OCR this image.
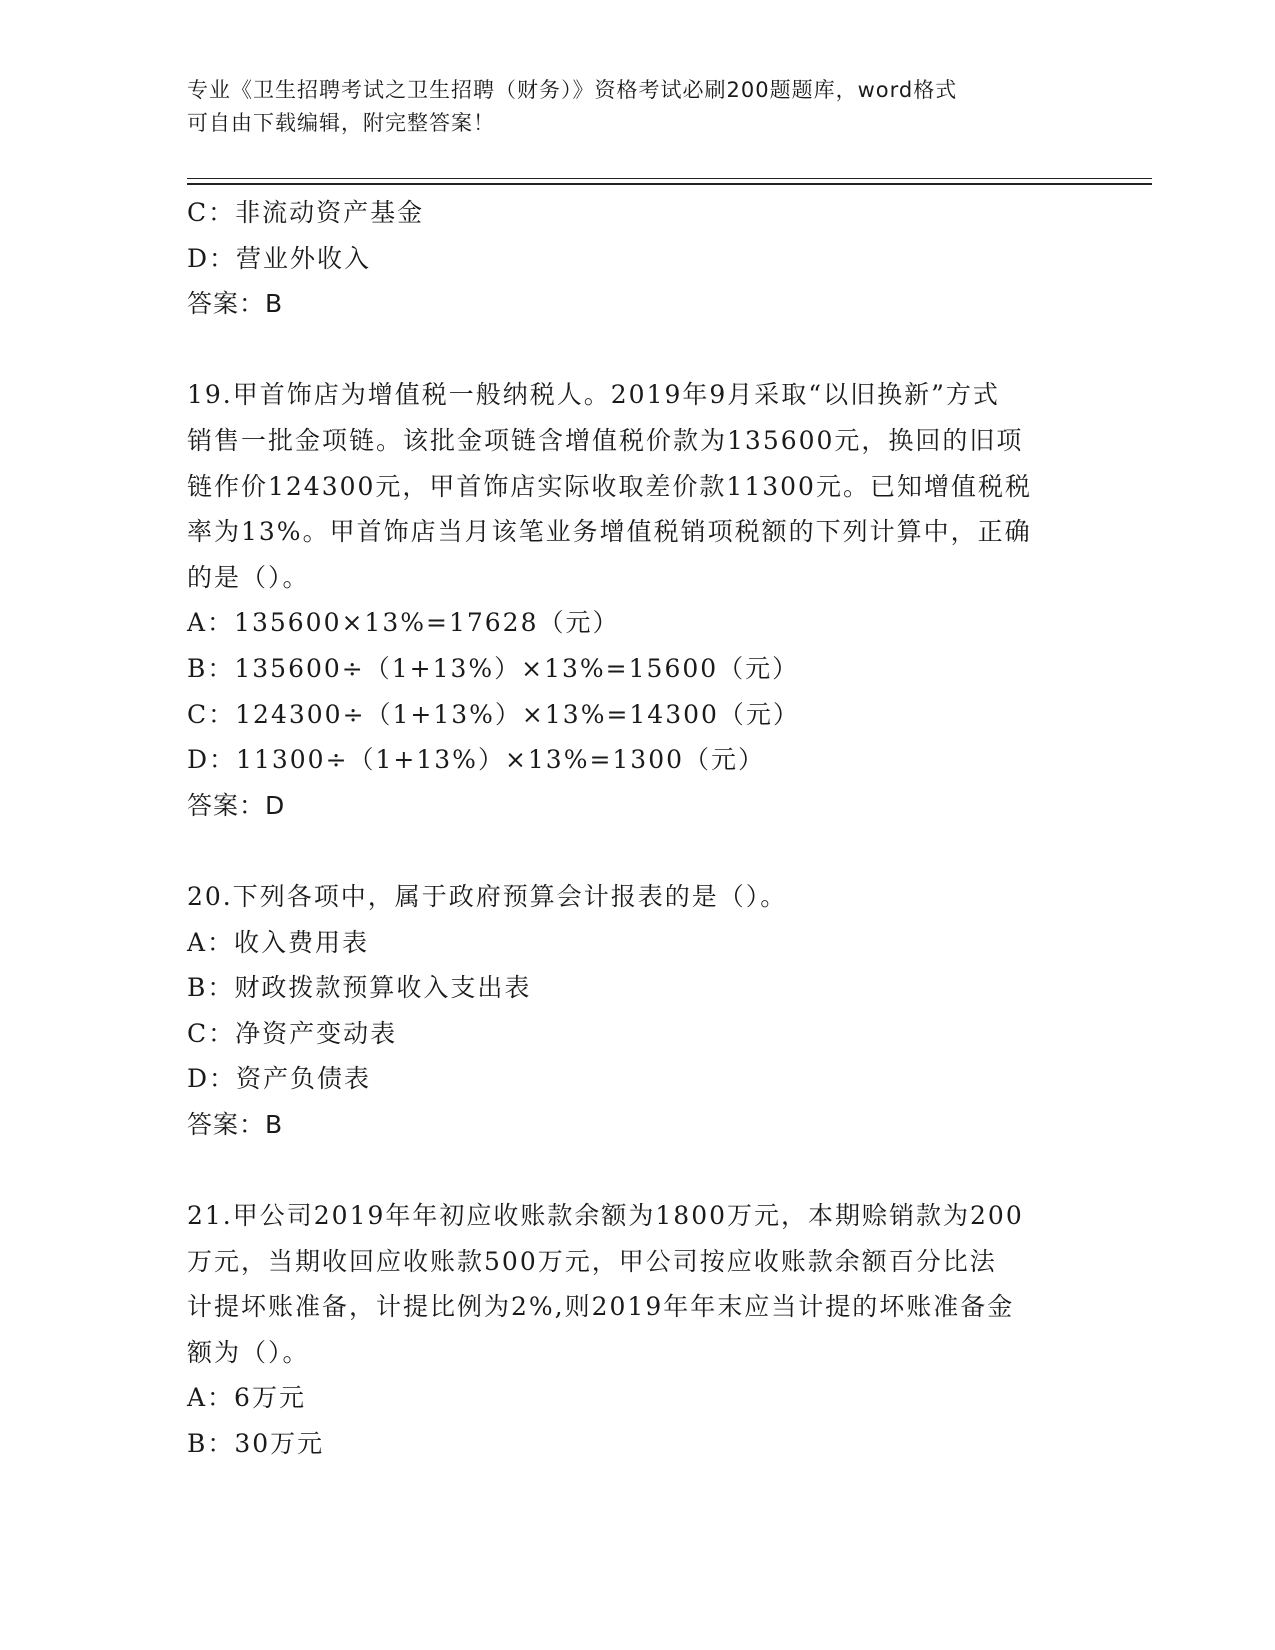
专业《卫生招聘考试之卫生招聘（财务）》资格考试必刷200题题库，word格式
可自由下载编辑，附完整答案！
C：非流动资产基金
D：营业外收入
答案：B
19.甲首饰店为增值税一般纳税人。2019年9月采取“以旧换新”方式
销售一批金项链。该批金项链含增值税价款为135600元，换回的旧项
链作价124300元，甲首饰店实际收取差价款11300元。已知增值税税
率为13%。甲首饰店当月该笔业务增值税销项税额的下列计算中，正确
的是（）。
A：135600×13%=17628（元）
B：135600÷（1+13%）×13%=15600（元）
C：124300÷（1+13%）×13%=14300（元）
D：11300÷（1+13%）×13%=1300（元）
答案：D
20.下列各项中，属于政府预算会计报表的是（）。
A：收入费用表
B：财政拨款预算收入支出表
C：净资产变动表
D：资产负债表
答案：B
21.甲公司2019年年初应收账款余额为1800万元，本期赊销款为200
万元，当期收回应收账款500万元，甲公司按应收账款余额百分比法
计提坏账准备，计提比例为2%,则2019年年末应当计提的坏账准备金
额为（）。
A：6万元
B：30万元
